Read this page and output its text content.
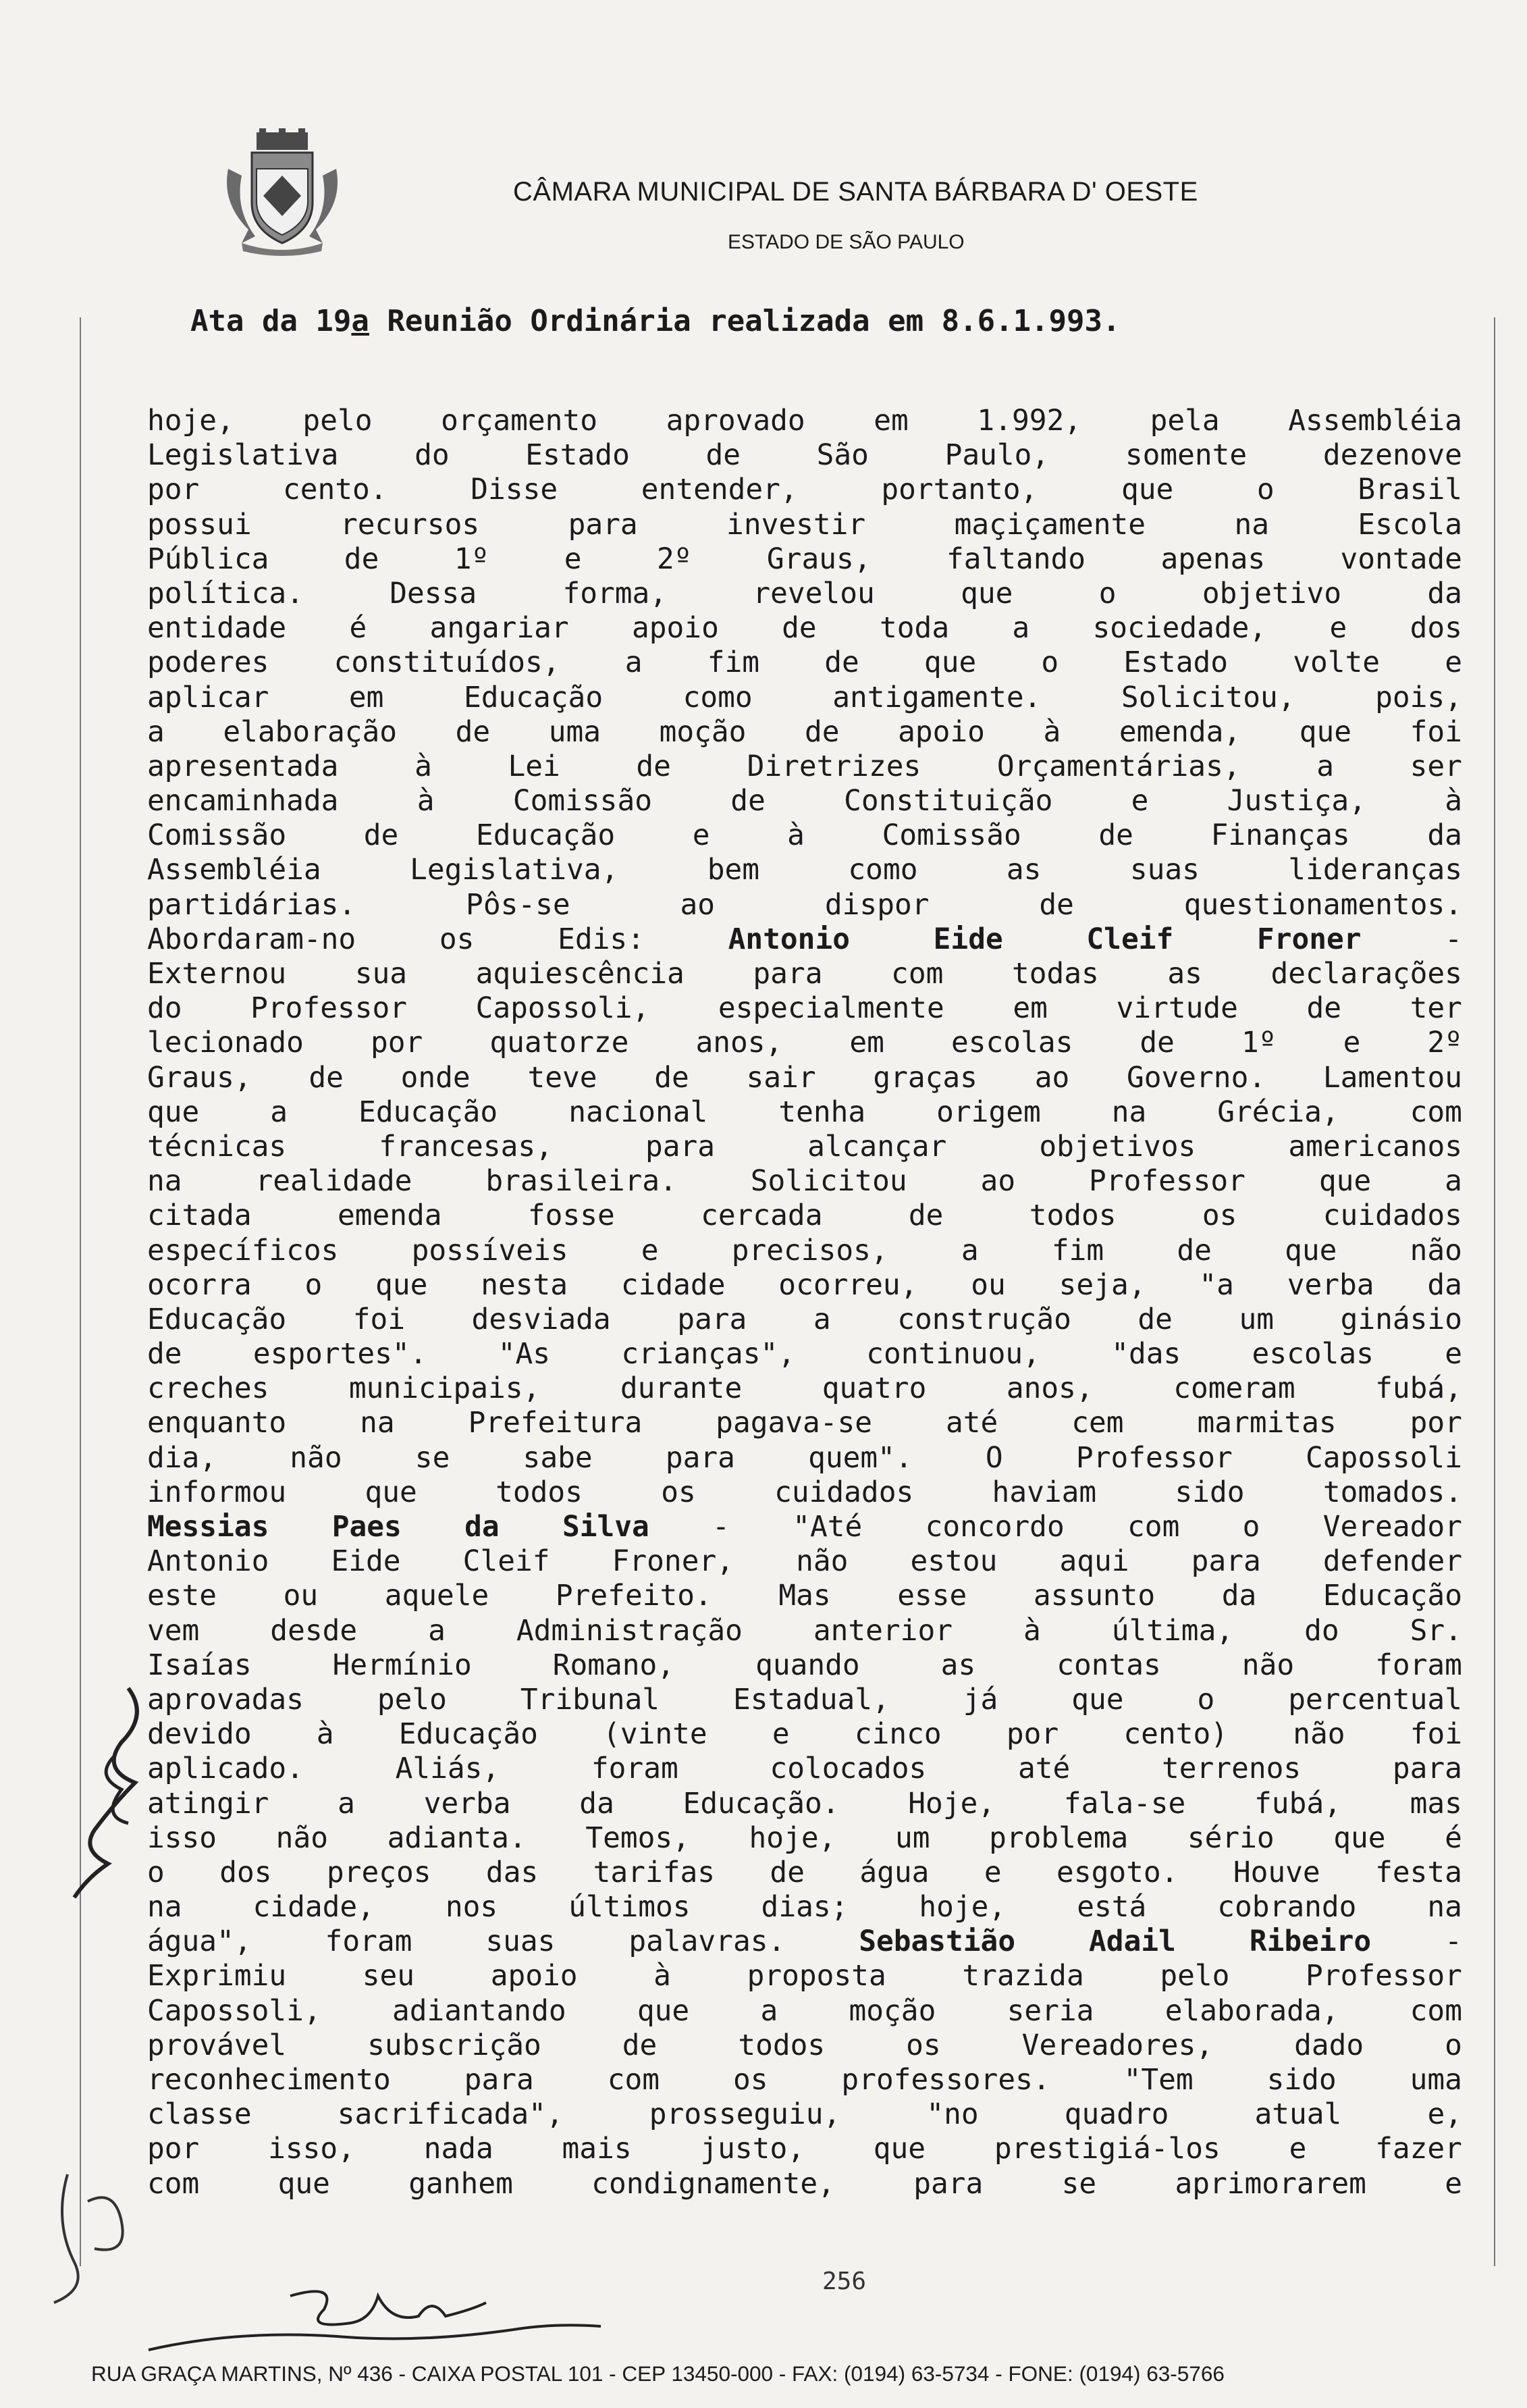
CÂMARA MUNICIPAL DE SANTA BÁRBARA D' OESTE
ESTADO DE SÃO PAULO
Ata da 19a Reunião Ordinária realizada em 8.6.1.993.
hoje, pelo orçamento aprovado em 1.992, pela Assembléia
Legislativa	do	Estado	de	São	Paulo,	somente	dezenove
por	cento.	Disse	entender,	portanto,	que	o	Brasil
possui	recursos	para	investir	maçiçamente	na	Escola
Pública	de	1º	e	2º	Graus,	faltando	apenas	vontade
política.	Dessa	forma,	revelou	que	o	objetivo	da
entidade é angariar apoio de toda a sociedade, e dos
poderes constituídos, a fim de que o Estado volte e
aplicar	em	Educação	como	antigamente.	Solicitou,	pois,
a elaboração de uma moção de apoio à emenda, que foi
apresentada	à	Lei	de	Diretrizes	Orçamentárias,	a	ser
encaminhada	à	Comissão	de	Constituição	e	Justiça,	à
Comissão	de	Educação	e	à	Comissão	de	Finanças	da
Assembléia	Legislativa,	bem	como	as	suas	lideranças
partidárias.	Pôs-se	ao	dispor	de	questionamentos.
Abordaram-no	os	Edis:	Antonio	Eide	Cleif	Froner	-
Externou sua aquiescência para com todas as declarações
do Professor Capossoli, especialmente em virtude de ter
lecionado por quatorze anos, em escolas de 1º e 2º
Graus, de onde teve de sair graças ao Governo. Lamentou
que a Educação nacional tenha origem na Grécia, com
técnicas	francesas,	para	alcançar	objetivos	americanos
na	realidade	brasileira.	Solicitou	ao	Professor	que	a
citada	emenda	fosse	cercada	de	todos	os	cuidados
específicos	possíveis	e	precisos,	a	fim	de	que	não
ocorra o que nesta cidade ocorreu, ou seja, "a verba da
Educação foi desviada para a construção de um ginásio
de esportes". "As crianças", continuou, "das escolas e
creches	municipais,	durante	quatro	anos,	comeram	fubá,
enquanto	na	Prefeitura	pagava-se	até	cem	marmitas	por
dia,	não	se	sabe	para	quem".	O	Professor	Capossoli
informou	que	todos	os	cuidados	haviam	sido	tomados.
Messias Paes da Silva - "Até concordo com o Vereador
Antonio Eide Cleif Froner, não estou aqui para defender
este ou aquele Prefeito. Mas esse assunto da Educação
vem desde a Administração anterior à última, do Sr.
Isaías	Hermínio	Romano,	quando	as	contas	não	foram
aprovadas	pelo	Tribunal	Estadual,	já	que	o	percentual
devido à Educação (vinte e cinco por cento) não foi
aplicado.	Aliás,	foram	colocados	até	terrenos	para
atingir a verba da Educação. Hoje, fala-se fubá, mas
isso não adianta. Temos, hoje, um problema sério que é
o dos preços das tarifas de água e esgoto. Houve festa
na cidade, nos últimos dias; hoje, está cobrando na
água",	foram	suas	palavras.	Sebastião	Adail	Ribeiro	-
Exprimiu	seu	apoio	à	proposta	trazida	pelo	Professor
Capossoli, adiantando que a moção seria elaborada, com
provável	subscrição	de	todos	os	Vereadores,	dado	o
reconhecimento	para	com	os	professores.	"Tem	sido	uma
classe	sacrificada",	prosseguiu,	"no	quadro	atual	e,
por isso, nada mais justo, que prestigiá-los e fazer
com	que	ganhem	condignamente,	para	se	aprimorarem	e
256
RUA GRAÇA MARTINS, Nº 436 - CAIXA POSTAL 101 - CEP 13450-000 - FAX: (0194) 63-5734 - FONE: (0194) 63-5766
